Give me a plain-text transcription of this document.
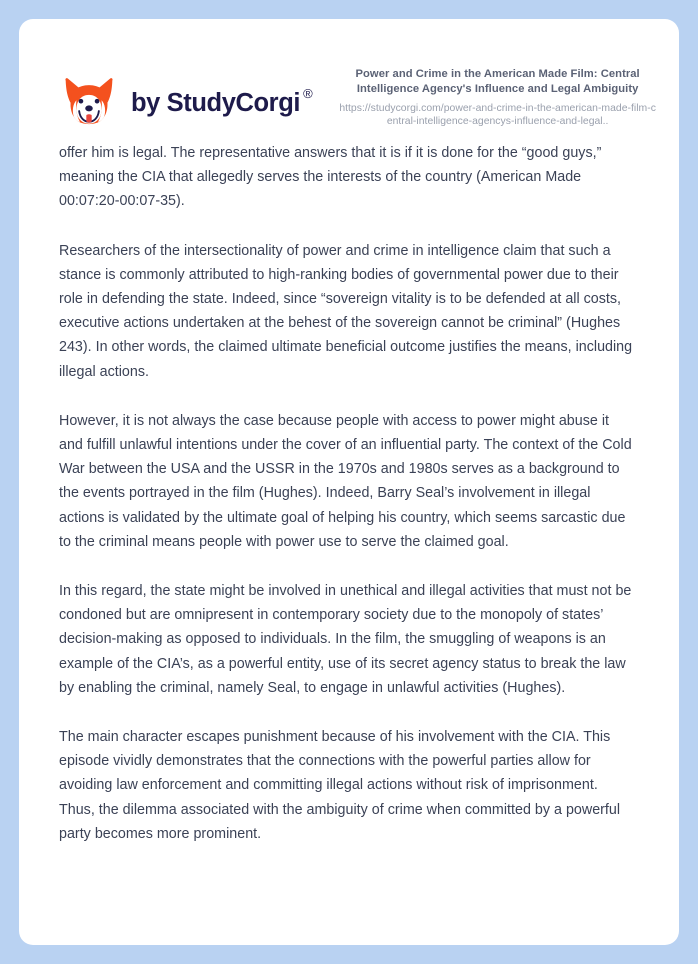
by StudyCorgi ®

Power and Crime in the American Made Film: Central Intelligence Agency's Influence and Legal Ambiguity

https://studycorgi.com/power-and-crime-in-the-american-made-film-central-intelligence-agencys-influence-and-legal..

offer him is legal. The representative answers that it is if it is done for the “good guys,” meaning the CIA that allegedly serves the interests of the country (American Made 00:07:20-00:07-35).

Researchers of the intersectionality of power and crime in intelligence claim that such a stance is commonly attributed to high-ranking bodies of governmental power due to their role in defending the state. Indeed, since “sovereign vitality is to be defended at all costs, executive actions undertaken at the behest of the sovereign cannot be criminal” (Hughes 243). In other words, the claimed ultimate beneficial outcome justifies the means, including illegal actions.

However, it is not always the case because people with access to power might abuse it and fulfill unlawful intentions under the cover of an influential party. The context of the Cold War between the USA and the USSR in the 1970s and 1980s serves as a background to the events portrayed in the film (Hughes). Indeed, Barry Seal’s involvement in illegal actions is validated by the ultimate goal of helping his country, which seems sarcastic due to the criminal means people with power use to serve the claimed goal.

In this regard, the state might be involved in unethical and illegal activities that must not be condoned but are omnipresent in contemporary society due to the monopoly of states’ decision-making as opposed to individuals. In the film, the smuggling of weapons is an example of the CIA’s, as a powerful entity, use of its secret agency status to break the law by enabling the criminal, namely Seal, to engage in unlawful activities (Hughes).

The main character escapes punishment because of his involvement with the CIA. This episode vividly demonstrates that the connections with the powerful parties allow for avoiding law enforcement and committing illegal actions without risk of imprisonment. Thus, the dilemma associated with the ambiguity of crime when committed by a powerful party becomes more prominent.
